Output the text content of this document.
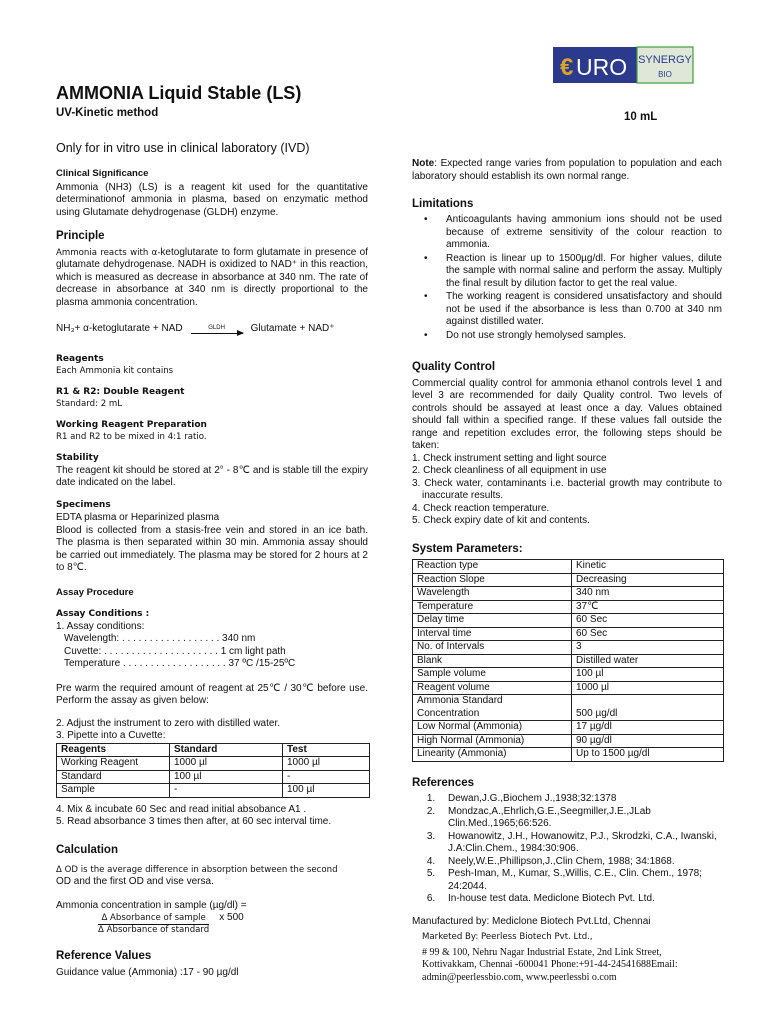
AMMONIA Liquid Stable (LS)
UV-Kinetic method	10 mL
Only for in vitro use in clinical laboratory (IVD)
€ URO SYNERGY
BIO
Clinical Significance

Ammonia (NH3) (LS) is a reagent kit used for the quantitative determinationof ammonia in plasma, based on enzymatic method using Glutamate dehydrogenase (GLDH) enzyme.

Principle

Ammonia reacts with α-ketoglutarate to form glutamate in presence of glutamate dehydrogenase. NADH is oxidized to NAD⁺ in this reaction, which is measured as decrease in absorbance at 340 nm. The rate of decrease in absorbance at 340 nm is directly proportional to the plasma ammonia concentration.

NH₃+ α-ketoglutarate + NAD	GLDH	Glutamate + NAD⁺
Reagents

Each Ammonia kit contains

R1 & R2: Double Reagent

Standard: 2 mL

Working Reagent Preparation

R1 and R2 to be mixed in 4:1 ratio.

Stability

The reagent kit should be stored at 2° - 8℃ and is stable till the expiry date indicated on the label.

Specimens

EDTA plasma or Heparinized plasma

Blood is collected from a stasis-free vein and stored in an ice bath. The plasma is then separated within 30 min. Ammonia assay should be carried out immediately. The plasma may be stored for 2 hours at 2 to 8℃.

Assay Procedure
Assay Conditions :

1. Assay conditions:

Wavelength: . . . . . . . . . . . . . . . . . . 340 nm

Cuvette: . . . . . . . . . . . . . . . . . . . . . 1 cm light path

Temperature . . . . . . . . . . . . . . . . . . . 37 ºC /15-25ºC

Pre warm the required amount of reagent at 25℃ / 30℃ before use. Perform the assay as given below:

2. Adjust the instrument to zero with distilled water.

3. Pipette into a Cuvette:

Reagents	Standard	Test
Working Reagent	1000 µl	1000 µl
Standard	100 µl	-
Sample	-	100 µl

4. Mix & incubate 60 Sec and read initial absobance A1 .

5. Read absorbance 3 times then after, at 60 sec interval time.

Calculation

Δ OD is the average difference in absorption between the second

OD and the first OD and vise versa.

Ammonia concentration in sample (µg/dl) =

$\frac{\text{Δ Absorbance of sample}}{\text{Δ Absorbance of standard}}$ x 500
Reference Values

Guidance value (Ammonia) :17 - 90 µg/dl

Note: Expected range varies from population to population and each laboratory should establish its own normal range.

Limitations
• Anticoagulants having ammonium ions should not be used because of extreme sensitivity of the colour reaction to ammonia.
• Reaction is linear up to 1500µg/dl. For higher values, dilute the sample with normal saline and perform the assay. Multiply the final result by dilution factor to get the real value.
• The working reagent is considered unsatisfactory and should not be used if the absorbance is less than 0.700 at 340 nm against distilled water.
• Do not use strongly hemolysed samples.
Quality Control

Commercial quality control for ammonia ethanol controls level 1 and level 3 are recommended for daily Quality control. Two levels of controls should be assayed at least once a day. Values obtained should fall within a specified range. If these values fall outside the range and repetition excludes error, the following steps should be taken:

1. Check instrument setting and light source

2. Check cleanliness of all equipment in use

3. Check water, contaminants i.e. bacterial growth may contribute to inaccurate results.

4. Check reaction temperature.

5. Check expiry date of kit and contents.

System Parameters:
Reaction type	Kinetic
Reaction Slope	Decreasing
Wavelength	340 nm
Temperature	37℃
Delay time	60 Sec
Interval time	60 Sec
No. of Intervals	3
Blank	Distilled water
Sample volume	100 µl
Reagent volume	1000 µl
Ammonia Standard Concentration	500 µg/dl
Low Normal (Ammonia)	17 µg/dl
High Normal (Ammonia)	90 µg/dl
Linearity (Ammonia)	Up to 1500 µg/dl
References
1. Dewan,J.G.,Biochem J.,1938;32:1378
2. Mondzac,A.,Ehrlich,G.E.,Seegmiller,J.E.,JLab Clin.Med.,1965;66:526.
3. Howanowitz, J.H., Howanowitz, P.J., Skrodzki, C.A., Iwanski, J.A:Clin.Chem., 1984:30:906.
4. Neely,W.E.,Phillipson,J.,Clin Chem, 1988; 34:1868.
5. Pesh-Iman, M., Kumar, S.,Willis, C.E., Clin. Chem., 1978; 24:2044.
6. In-house test data. Mediclone Biotech Pvt. Ltd.

Manufactured by: Mediclone Biotech Pvt.Ltd, Chennai

Marketed By: Peerless Biotech Pvt. Ltd.,

# 99 & 100, Nehru Nagar Industrial Estate, 2nd Link Street,

Kottivakkam, Chennai -600041 Phone:+91-44-24541688Email:

admin@peerlessbio.com, www.peerlessbi o.com
